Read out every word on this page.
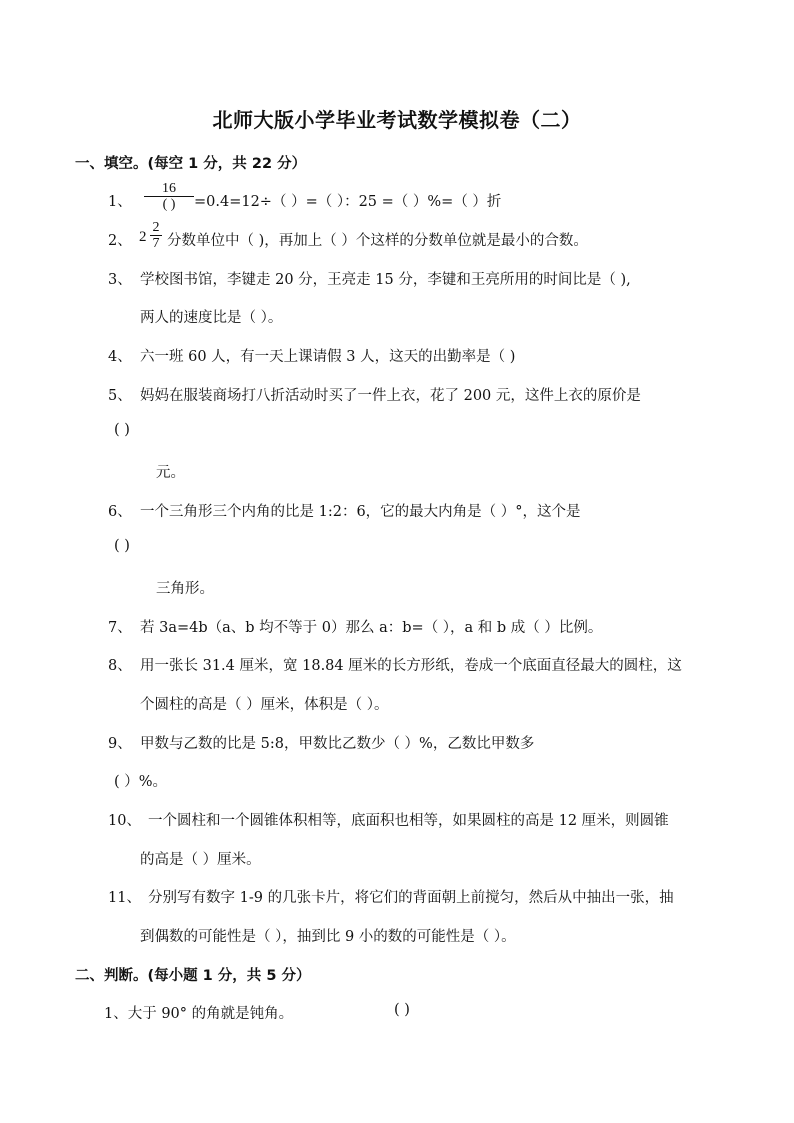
北师大版小学毕业考试数学模拟卷（二）
一、填空。(每空 1 分，共 22 分）
1、
16
( )	=0.4=12÷（ ）=（ ）：25 =（ ）%=（ ）折
2、 2
2
7 分数单位中（ )，再加上（ ）个这样的分数单位就是最小的合数。
3、 学校图书馆，李键走 20 分，王亮走 15 分，李键和王亮所用的时间比是（ ),
两人的速度比是（ ）。
4、 六一班 60 人，有一天上课请假 3 人，这天的出勤率是（ )
5、 妈妈在服装商场打八折活动时买了一件上衣，花了 200 元，这件上衣的原价是
( )
元。
6、 一个三角形三个内角的比是 1:2：6，它的最大内角是（ ）°，这个是
( )
三角形。
7、 若 3a=4b（a、b 均不等于 0）那么 a：b=（ ），a 和 b 成（ ）比例。
8、 用一张长 31.4 厘米，宽 18.84 厘米的长方形纸，卷成一个底面直径最大的圆柱，这
个圆柱的高是（ ）厘米，体积是（ ）。
9、 甲数与乙数的比是 5:8，甲数比乙数少（ ）%，乙数比甲数多
( ）%。
10、 一个圆柱和一个圆锥体积相等，底面积也相等，如果圆柱的高是 12 厘米，则圆锥
的高是（ ）厘米。
11、 分别写有数字 1-9 的几张卡片，将它们的背面朝上前搅匀，然后从中抽出一张，抽
到偶数的可能性是（ ），抽到比 9 小的数的可能性是（ ）。
二、判断。(每小题 1 分，共 5 分）
1、大于 90° 的角就是钝角。	( )
